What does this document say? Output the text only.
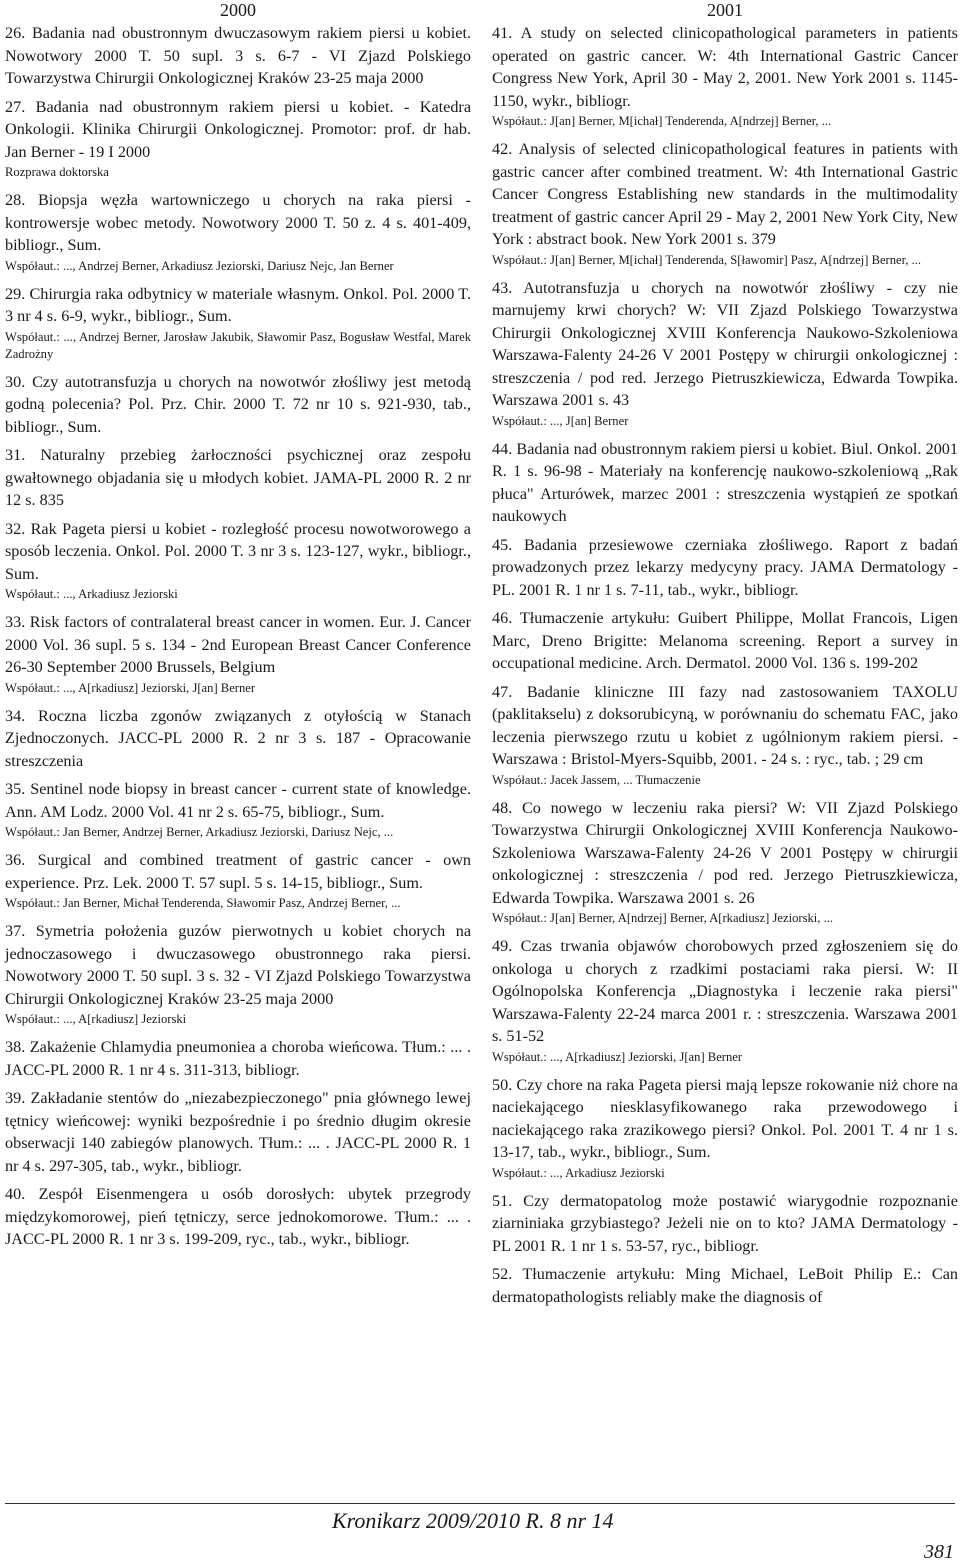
2000

26. Badania nad obustronnym dwuczasowym rakiem piersi u kobiet. Nowotwory 2000 T. 50 supl. 3 s. 6-7 - VI Zjazd Polskiego Towarzystwa Chirurgii Onkologicznej Kraków 23-25 maja 2000

27. Badania nad obustronnym rakiem piersi u kobiet. - Katedra Onkologii. Klinika Chirurgii Onkologicznej. Promotor: prof. dr hab. Jan Berner - 19 I 2000

Rozprawa doktorska

28. Biopsja węzła wartowniczego u chorych na raka piersi - kontrowersje wobec metody. Nowotwory 2000 T. 50 z. 4 s. 401-409, bibliogr., Sum.

Współaut.: ..., Andrzej Berner, Arkadiusz Jeziorski, Dariusz Nejc, Jan Berner

29. Chirurgia raka odbytnicy w materiale własnym. Onkol. Pol. 2000 T. 3 nr 4 s. 6-9, wykr., bibliogr., Sum.

Współaut.: ..., Andrzej Berner, Jarosław Jakubik, Sławomir Pasz, Bogusław Westfal, Marek Zadrożny

30. Czy autotransfuzja u chorych na nowotwór złośliwy jest metodą godną polecenia? Pol. Prz. Chir. 2000 T. 72 nr 10 s. 921-930, tab., bibliogr., Sum.

31. Naturalny przebieg żarłoczności psychicznej oraz zespołu gwałtownego objadania się u młodych kobiet. JAMA-PL 2000 R. 2 nr 12 s. 835

32. Rak Pageta piersi u kobiet - rozległość procesu nowotworowego a sposób leczenia. Onkol. Pol. 2000 T. 3 nr 3 s. 123-127, wykr., bibliogr., Sum.

Współaut.: ..., Arkadiusz Jeziorski

33. Risk factors of contralateral breast cancer in women. Eur. J. Cancer 2000 Vol. 36 supl. 5 s. 134 - 2nd European Breast Cancer Conference 26-30 September 2000 Brussels, Belgium

Współaut.: ..., A[rkadiusz] Jeziorski, J[an] Berner

34. Roczna liczba zgonów związanych z otyłością w Stanach Zjednoczonych. JACC-PL 2000 R. 2 nr 3 s. 187 - Opracowanie streszczenia

35. Sentinel node biopsy in breast cancer - current state of knowledge. Ann. AM Lodz. 2000 Vol. 41 nr 2 s. 65-75, bibliogr., Sum.

Współaut.: Jan Berner, Andrzej Berner, Arkadiusz Jeziorski, Dariusz Nejc, ...

36. Surgical and combined treatment of gastric cancer - own experience. Prz. Lek. 2000 T. 57 supl. 5 s. 14-15, bibliogr., Sum.

Współaut.: Jan Berner, Michał Tenderenda, Sławomir Pasz, Andrzej Berner, ...

37. Symetria położenia guzów pierwotnych u kobiet chorych na jednoczasowego i dwuczasowego obustronnego raka piersi. Nowotwory 2000 T. 50 supl. 3 s. 32 - VI Zjazd Polskiego Towarzystwa Chirurgii Onkologicznej Kraków 23-25 maja 2000

Współaut.: ..., A[rkadiusz] Jeziorski

38. Zakażenie Chlamydia pneumoniea a choroba wieńcowa. Tłum.: ... . JACC-PL 2000 R. 1 nr 4 s. 311-313, bibliogr.

39. Zakładanie stentów do „niezabezpieczonego" pnia głównego lewej tętnicy wieńcowej: wyniki bezpośrednie i po średnio długim okresie obserwacji 140 zabiegów planowych. Tłum.: ... . JACC-PL 2000 R. 1 nr 4 s. 297-305, tab., wykr., bibliogr.

40. Zespół Eisenmengera u osób dorosłych: ubytek przegrody międzykomorowej, pień tętniczy, serce jednokomorowe. Tłum.: ... . JACC-PL 2000 R. 1 nr 3 s. 199-209, ryc., tab., wykr., bibliogr.

2001

41. A study on selected clinicopathological parameters in patients operated on gastric cancer. W: 4th International Gastric Cancer Congress New York, April 30 - May 2, 2001. New York 2001 s. 1145-1150, wykr., bibliogr.

Współaut.: J[an] Berner, M[ichał] Tenderenda, A[ndrzej] Berner, ...

42. Analysis of selected clinicopathological features in patients with gastric cancer after combined treatment. W: 4th International Gastric Cancer Congress Establishing new standards in the multimodality treatment of gastric cancer April 29 - May 2, 2001 New York City, New York : abstract book. New York 2001 s. 379

Współaut.: J[an] Berner, M[ichał] Tenderenda, S[ławomir] Pasz, A[ndrzej] Berner, ...

43. Autotransfuzja u chorych na nowotwór złośliwy - czy nie marnujemy krwi chorych? W: VII Zjazd Polskiego Towarzystwa Chirurgii Onkologicznej XVIII Konferencja Naukowo-Szkoleniowa Warszawa-Falenty 24-26 V 2001 Postępy w chirurgii onkologicznej : streszczenia / pod red. Jerzego Pietruszkiewicza, Edwarda Towpika. Warszawa 2001 s. 43

Współaut.: ..., J[an] Berner

44. Badania nad obustronnym rakiem piersi u kobiet. Biul. Onkol. 2001 R. 1 s. 96-98 - Materiały na konferencję naukowo-szkoleniową „Rak płuca" Arturówek, marzec 2001 : streszczenia wystąpień ze spotkań naukowych

45. Badania przesiewowe czerniaka złośliwego. Raport z badań prowadzonych przez lekarzy medycyny pracy. JAMA Dermatology - PL. 2001 R. 1 nr 1 s. 7-11, tab., wykr., bibliogr.

46. Tłumaczenie artykułu: Guibert Philippe, Mollat Francois, Ligen Marc, Dreno Brigitte: Melanoma screening. Report a survey in occupational medicine. Arch. Dermatol. 2000 Vol. 136 s. 199-202

47. Badanie kliniczne III fazy nad zastosowaniem TAXOLU (paklitakselu) z doksorubicyną, w porównaniu do schematu FAC, jako leczenia pierwszego rzutu u kobiet z ugólnionym rakiem piersi. - Warszawa : Bristol-Myers-Squibb, 2001. - 24 s. : ryc., tab. ; 29 cm

Współaut.: Jacek Jassem, ... Tłumaczenie

48. Co nowego w leczeniu raka piersi? W: VII Zjazd Polskiego Towarzystwa Chirurgii Onkologicznej XVIII Konferencja Naukowo-Szkoleniowa Warszawa-Falenty 24-26 V 2001 Postępy w chirurgii onkologicznej : streszczenia / pod red. Jerzego Pietruszkiewicza, Edwarda Towpika. Warszawa 2001 s. 26

Współaut.: J[an] Berner, A[ndrzej] Berner, A[rkadiusz] Jeziorski, ...

49. Czas trwania objawów chorobowych przed zgłoszeniem się do onkologa u chorych z rzadkimi postaciami raka piersi. W: II Ogólnopolska Konferencja „Diagnostyka i leczenie raka piersi" Warszawa-Falenty 22-24 marca 2001 r. : streszczenia. Warszawa 2001 s. 51-52

Współaut.: ..., A[rkadiusz] Jeziorski, J[an] Berner

50. Czy chore na raka Pageta piersi mają lepsze rokowanie niż chore na naciekającego niesklasyfikowanego raka przewodowego i naciekającego raka zrazikowego piersi? Onkol. Pol. 2001 T. 4 nr 1 s. 13-17, tab., wykr., bibliogr., Sum.

Współaut.: ..., Arkadiusz Jeziorski

51. Czy dermatopatolog może postawić wiarygodnie rozpoznanie ziarniniaka grzybiastego? Jeżeli nie on to kto? JAMA Dermatology - PL 2001 R. 1 nr 1 s. 53-57, ryc., bibliogr.

52. Tłumaczenie artykułu: Ming Michael, LeBoit Philip E.: Can dermatopathologists reliably make the diagnosis of

Kronikarz 2009/2010 R. 8 nr 14
381
